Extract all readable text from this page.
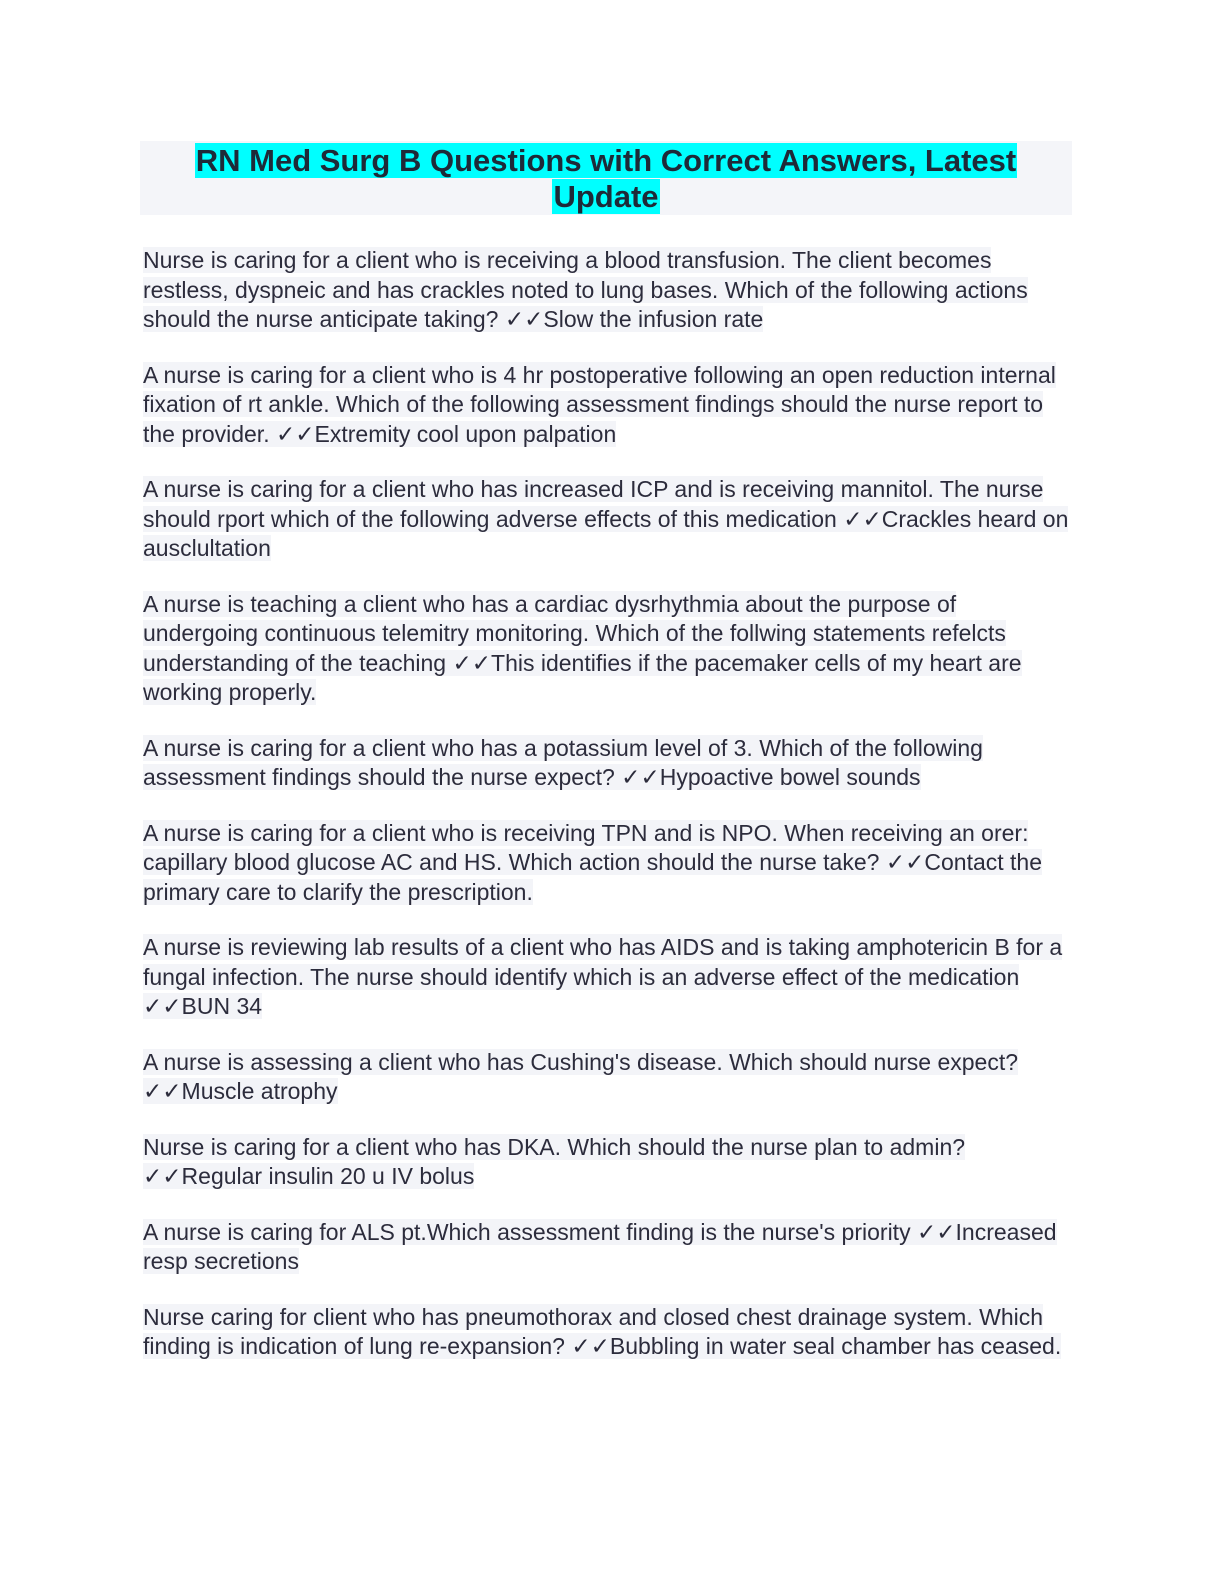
RN Med Surg B Questions with Correct Answers, Latest
Update

Nurse is caring for a client who is receiving a blood transfusion. The client becomes restless, dyspneic and has crackles noted to lung bases. Which of the following actions should the nurse anticipate taking? ✓✓Slow the infusion rate

A nurse is caring for a client who is 4 hr postoperative following an open reduction internal fixation of rt ankle. Which of the following assessment findings should the nurse report to the provider. ✓✓Extremity cool upon palpation

A nurse is caring for a client who has increased ICP and is receiving mannitol. The nurse should rport which of the following adverse effects of this medication ✓✓Crackles heard on ausclultation

A nurse is teaching a client who has a cardiac dysrhythmia about the purpose of undergoing continuous telemitry monitoring. Which of the follwing statements refelcts understanding of the teaching ✓✓This identifies if the pacemaker cells of my heart are working properly.

A nurse is caring for a client who has a potassium level of 3. Which of the following assessment findings should the nurse expect? ✓✓Hypoactive bowel sounds

A nurse is caring for a client who is receiving TPN and is NPO. When receiving an orer: capillary blood glucose AC and HS. Which action should the nurse take? ✓✓Contact the primary care to clarify the prescription.

A nurse is reviewing lab results of a client who has AIDS and is taking amphotericin B for a fungal infection. The nurse should identify which is an adverse effect of the medication ✓✓BUN 34

A nurse is assessing a client who has Cushing's disease. Which should nurse expect? ✓✓Muscle atrophy

Nurse is caring for a client who has DKA. Which should the nurse plan to admin? ✓✓Regular insulin 20 u IV bolus

A nurse is caring for ALS pt.Which assessment finding is the nurse's priority ✓✓Increased resp secretions

Nurse caring for client who has pneumothorax and closed chest drainage system. Which finding is indication of lung re-expansion? ✓✓Bubbling in water seal chamber has ceased.
